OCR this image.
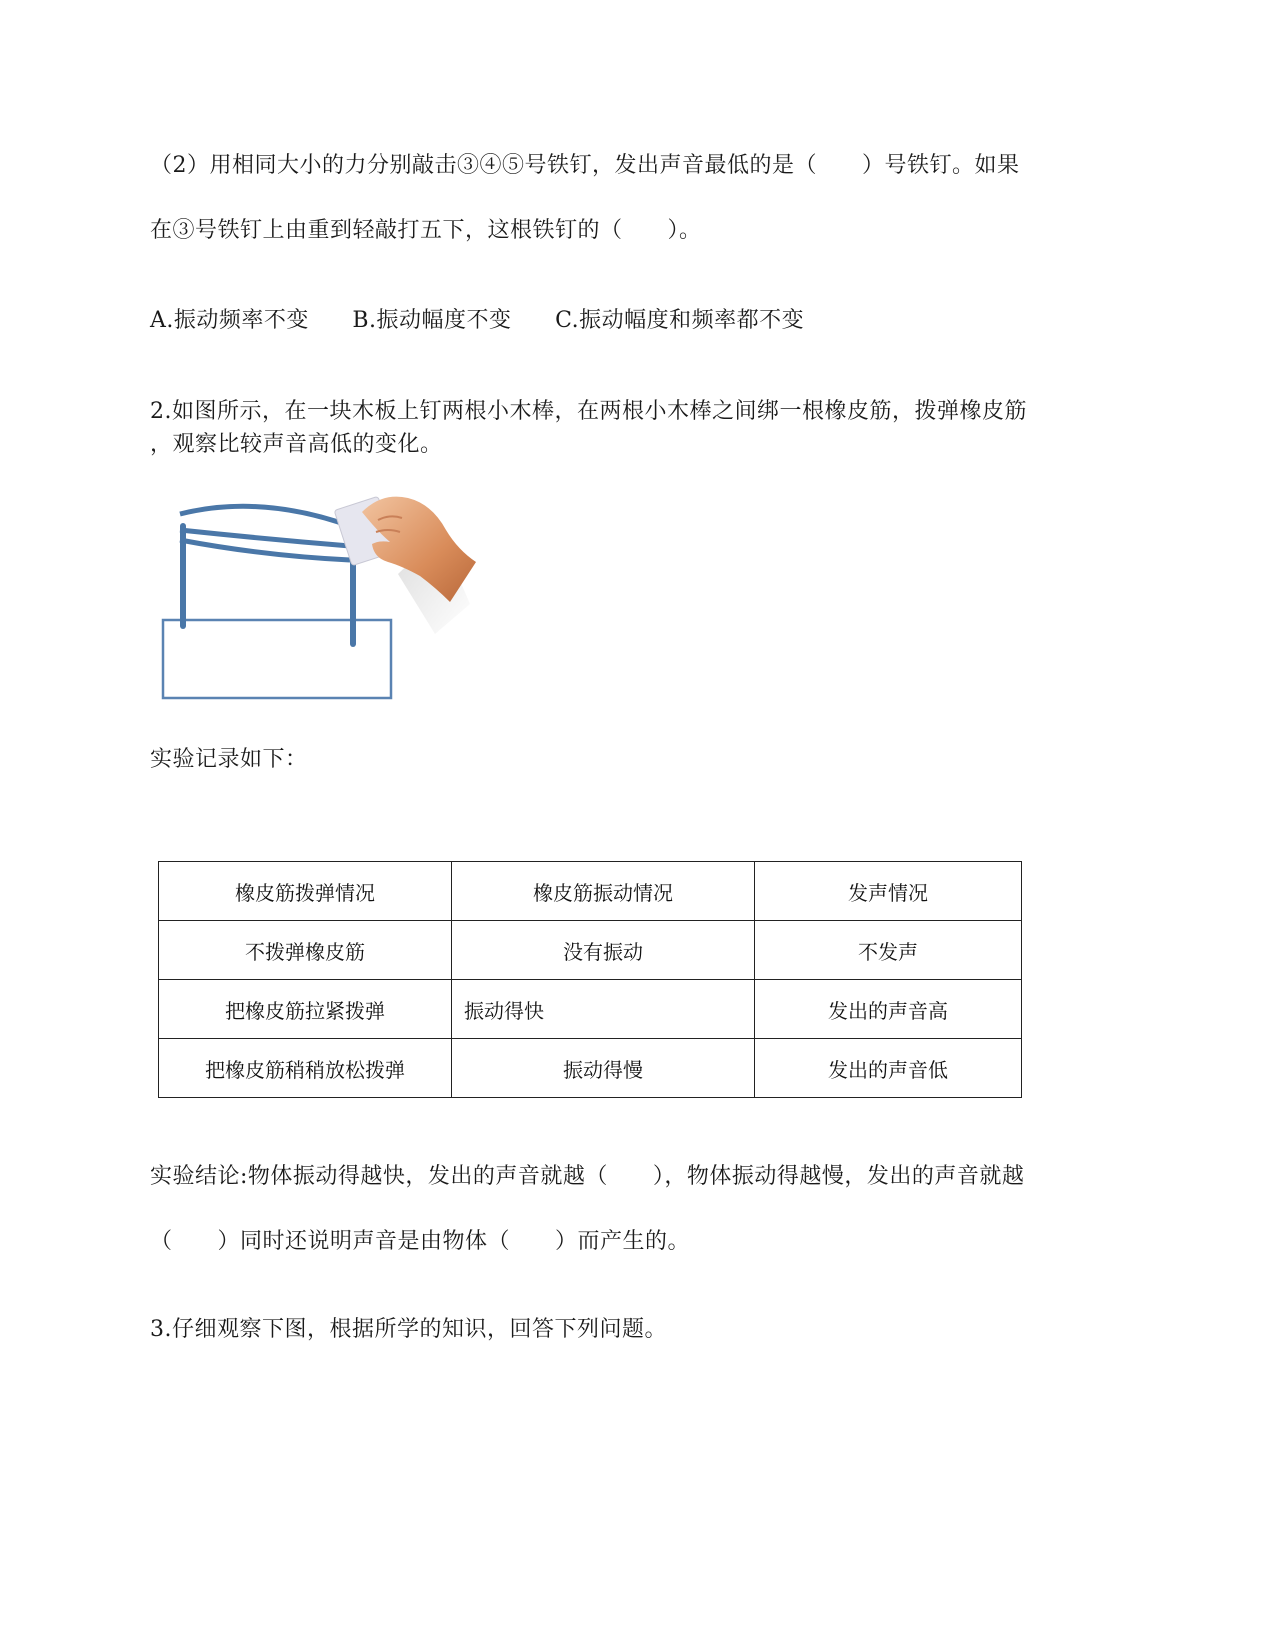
（2）用相同大小的力分别敲击③④⑤号铁钉，发出声音最低的是（　　）号铁钉。如果
在③号铁钉上由重到轻敲打五下，这根铁钉的（　　）。
A.振动频率不变 B.振动幅度不变 C.振动幅度和频率都不变
2.如图所示，在一块木板上钉两根小木棒，在两根小木棒之间绑一根橡皮筋，拨弹橡皮筋
，观察比较声音高低的变化。
实验记录如下：
橡皮筋拨弹情况	橡皮筋振动情况	发声情况
不拨弹橡皮筋	没有振动	不发声
把橡皮筋拉紧拨弹	振动得快	发出的声音高
把橡皮筋稍稍放松拨弹	振动得慢	发出的声音低
实验结论:物体振动得越快，发出的声音就越（　　），物体振动得越慢，发出的声音就越
（　　）同时还说明声音是由物体（　　）而产生的。
3.仔细观察下图，根据所学的知识，回答下列问题。
